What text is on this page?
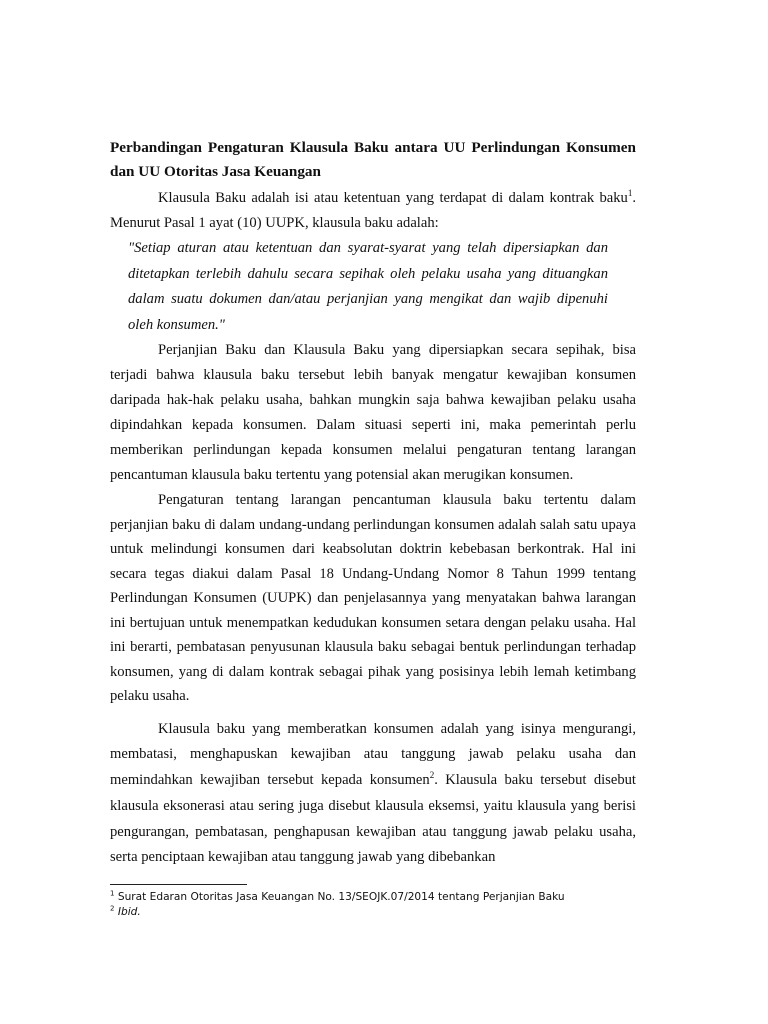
Perbandingan Pengaturan Klausula Baku antara UU Perlindungan Konsumen dan UU Otoritas Jasa Keuangan

Klausula Baku adalah isi atau ketentuan yang terdapat di dalam kontrak baku$^1$. Menurut Pasal 1 ayat (10) UUPK, klausula baku adalah:

"Setiap aturan atau ketentuan dan syarat-syarat yang telah dipersiapkan dan ditetapkan terlebih dahulu secara sepihak oleh pelaku usaha yang dituangkan dalam suatu dokumen dan/atau perjanjian yang mengikat dan wajib dipenuhi oleh konsumen."

Perjanjian Baku dan Klausula Baku yang dipersiapkan secara sepihak, bisa terjadi bahwa klausula baku tersebut lebih banyak mengatur kewajiban konsumen daripada hak-hak pelaku usaha, bahkan mungkin saja bahwa kewajiban pelaku usaha dipindahkan kepada konsumen. Dalam situasi seperti ini, maka pemerintah perlu memberikan perlindungan kepada konsumen melalui pengaturan tentang larangan pencantuman klausula baku tertentu yang potensial akan merugikan konsumen.

Pengaturan tentang larangan pencantuman klausula baku tertentu dalam perjanjian baku di dalam undang-undang perlindungan konsumen adalah salah satu upaya untuk melindungi konsumen dari keabsolutan doktrin kebebasan berkontrak. Hal ini secara tegas diakui dalam Pasal 18 Undang-Undang Nomor 8 Tahun 1999 tentang Perlindungan Konsumen (UUPK) dan penjelasannya yang menyatakan bahwa larangan ini bertujuan untuk menempatkan kedudukan konsumen setara dengan pelaku usaha. Hal ini berarti, pembatasan penyusunan klausula baku sebagai bentuk perlindungan terhadap konsumen, yang di dalam kontrak sebagai pihak yang posisinya lebih lemah ketimbang pelaku usaha.

Klausula baku yang memberatkan konsumen adalah yang isinya mengurangi, membatasi, menghapuskan kewajiban atau tanggung jawab pelaku usaha dan memindahkan kewajiban tersebut kepada konsumen$^2$. Klausula baku tersebut disebut klausula eksonerasi atau sering juga disebut klausula eksemsi, yaitu klausula yang berisi pengurangan, pembatasan, penghapusan kewajiban atau tanggung jawab pelaku usaha, serta penciptaan kewajiban atau tanggung jawab yang dibebankan

$^1$ Surat Edaran Otoritas Jasa Keuangan No. 13/SEOJK.07/2014 tentang Perjanjian Baku
$^2$ Ibid.
